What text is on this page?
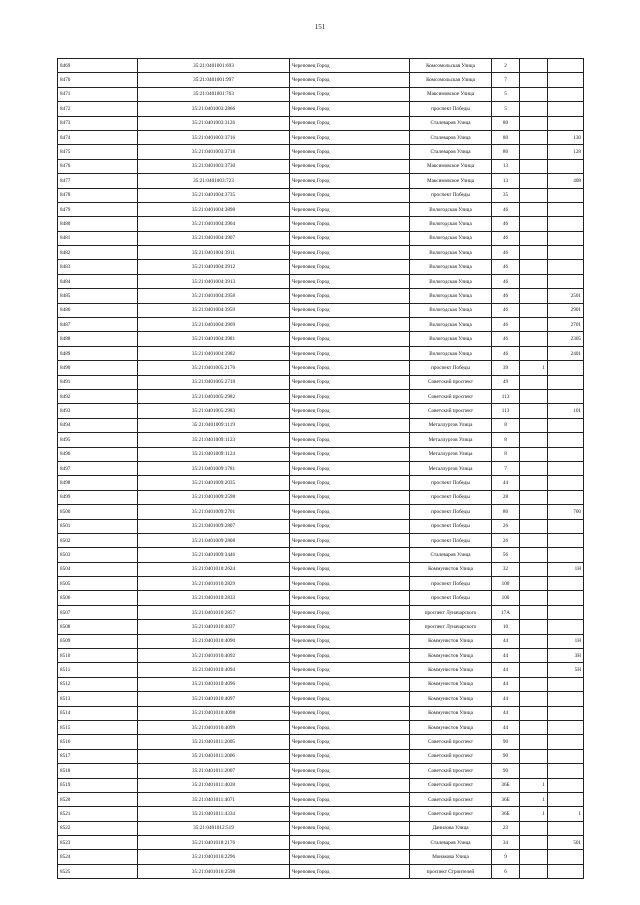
151
8469	35:21:0401001:693	Череповец Город	Комсомольская Улица	2		
8470	35:21:0401001:997	Череповец Город	Комсомольская Улица	7		
8471	35:21:0401001:763	Череповец Город	Максимовское Улица	5		
8472	35:21:0401003:2866	Череповец Город	проспект Победы	5		
8473	35:21:0401003:3126	Череповец Город	Сталеваров Улица	80		
8474	35:21:0401003:3716	Череповец Город	Сталеваров Улица	80		130
8475	35:21:0401003:3718	Череповец Город	Сталеваров Улица	80		128
8476	35:21:0401003:3730	Череповец Город	Максимовское Улица	13		
8477	35:21:0401003:723	Череповец Город	Максимовское Улица	13		408
8478	35:21:0401004:3735	Череповец Город	проспект Победы	35		
8479	35:21:0401004:3898	Череповец Город	Вологодская Улица	46		
8480	35:21:0401004:3904	Череповец Город	Вологодская Улица	46		
8481	35:21:0401004:3907	Череповец Город	Вологодская Улица	46		
8482	35:21:0401004:3911	Череповец Город	Вологодская Улица	46		
8483	35:21:0401004:3912	Череповец Город	Вологодская Улица	46		
8484	35:21:0401004:3913	Череповец Город	Вологодская Улица	46		
8485	35:21:0401004:3958	Череповец Город	Вологодская Улица	46		2501
8486	35:21:0401004:3959	Череповец Город	Вологодская Улица	46		2901
8487	35:21:0401004:3969	Череповец Город	Вологодская Улица	46		2701
8488	35:21:0401004:3981	Череповец Город	Вологодская Улица	46		2305
8489	35:21:0401004:3982	Череповец Город	Вологодская Улица	46		2401
8490	35:21:0401005:2176	Череповец Город	проспект Победы	39	1	
8491	35:21:0401005:2718	Череповец Город	Советский проспект	49		
8492	35:21:0401005:2982	Череповец Город	Советский проспект	113		
8493	35:21:0401005:2983	Череповец Город	Советский проспект	113		101
8494	35:21:0401009:1119	Череповец Город	Металлургов Улица	8		
8495	35:21:0401009:1123	Череповец Город	Металлургов Улица	8		
8496	35:21:0401009:1124	Череповец Город	Металлургов Улица	8		
8497	35:21:0401009:1781	Череповец Город	Металлургов Улица	7		
8498	35:21:0401009:2035	Череповец Город	проспект Победы	44		
8499	35:21:0401009:2598	Череповец Город	проспект Победы	28		
8500	35:21:0401009:2701	Череповец Город	проспект Победы	80		700
8501	35:21:0401009:2807	Череповец Город	проспект Победы	26		
8502	35:21:0401009:2808	Череповец Город	проспект Победы	26		
8503	35:21:0401009:3446	Череповец Город	Сталеваров Улица	56		
8504	35:21:0401010:2624	Череповец Город	Коммунистов Улица	32		1Н
8505	35:21:0401010:2829	Череповец Город	проспект Победы	100		
8506	35:21:0401010:2833	Череповец Город	проспект Победы	100		
8507	35:21:0401010:2857	Череповец Город	проспект Луначарского	17А		
8508	35:21:0401010:4037	Череповец Город	проспект Луначарского	10		
8509	35:21:0401010:4090	Череповец Город	Коммунистов Улица	44		1Н
8510	35:21:0401010:4092	Череповец Город	Коммунистов Улица	44		3Н
8511	35:21:0401010:4094	Череповец Город	Коммунистов Улица	44		5Н
8512	35:21:0401010:4096	Череповец Город	Коммунистов Улица	44		
8513	35:21:0401010:4097	Череповец Город	Коммунистов Улица	44		
8514	35:21:0401010:4098	Череповец Город	Коммунистов Улица	44		
8515	35:21:0401010:4099	Череповец Город	Коммунистов Улица	44		
8516	35:21:0401011:2005	Череповец Город	Советский проспект	90		
8517	35:21:0401011:2006	Череповец Город	Советский проспект	90		
8518	35:21:0401011:2007	Череповец Город	Советский проспект	90		
8519	35:21:0401011:4028	Череповец Город	Советский проспект	36Б	1	
8520	35:21:0401011:4071	Череповец Город	Советский проспект	36Б	1	
8521	35:21:0401011:4334	Череповец Город	Советский проспект	36Б	1	1
8522	35:21:0401012:519	Череповец Город	Данилова Улица	23		
8523	35:21:0401018:2176	Череповец Город	Сталеваров Улица	34		501
8524	35:21:0401016:2296	Череповец Город	Монакова Улица	9		
8525	35:21:0401016:2598	Череповец Город	проспект Строителей	6		
